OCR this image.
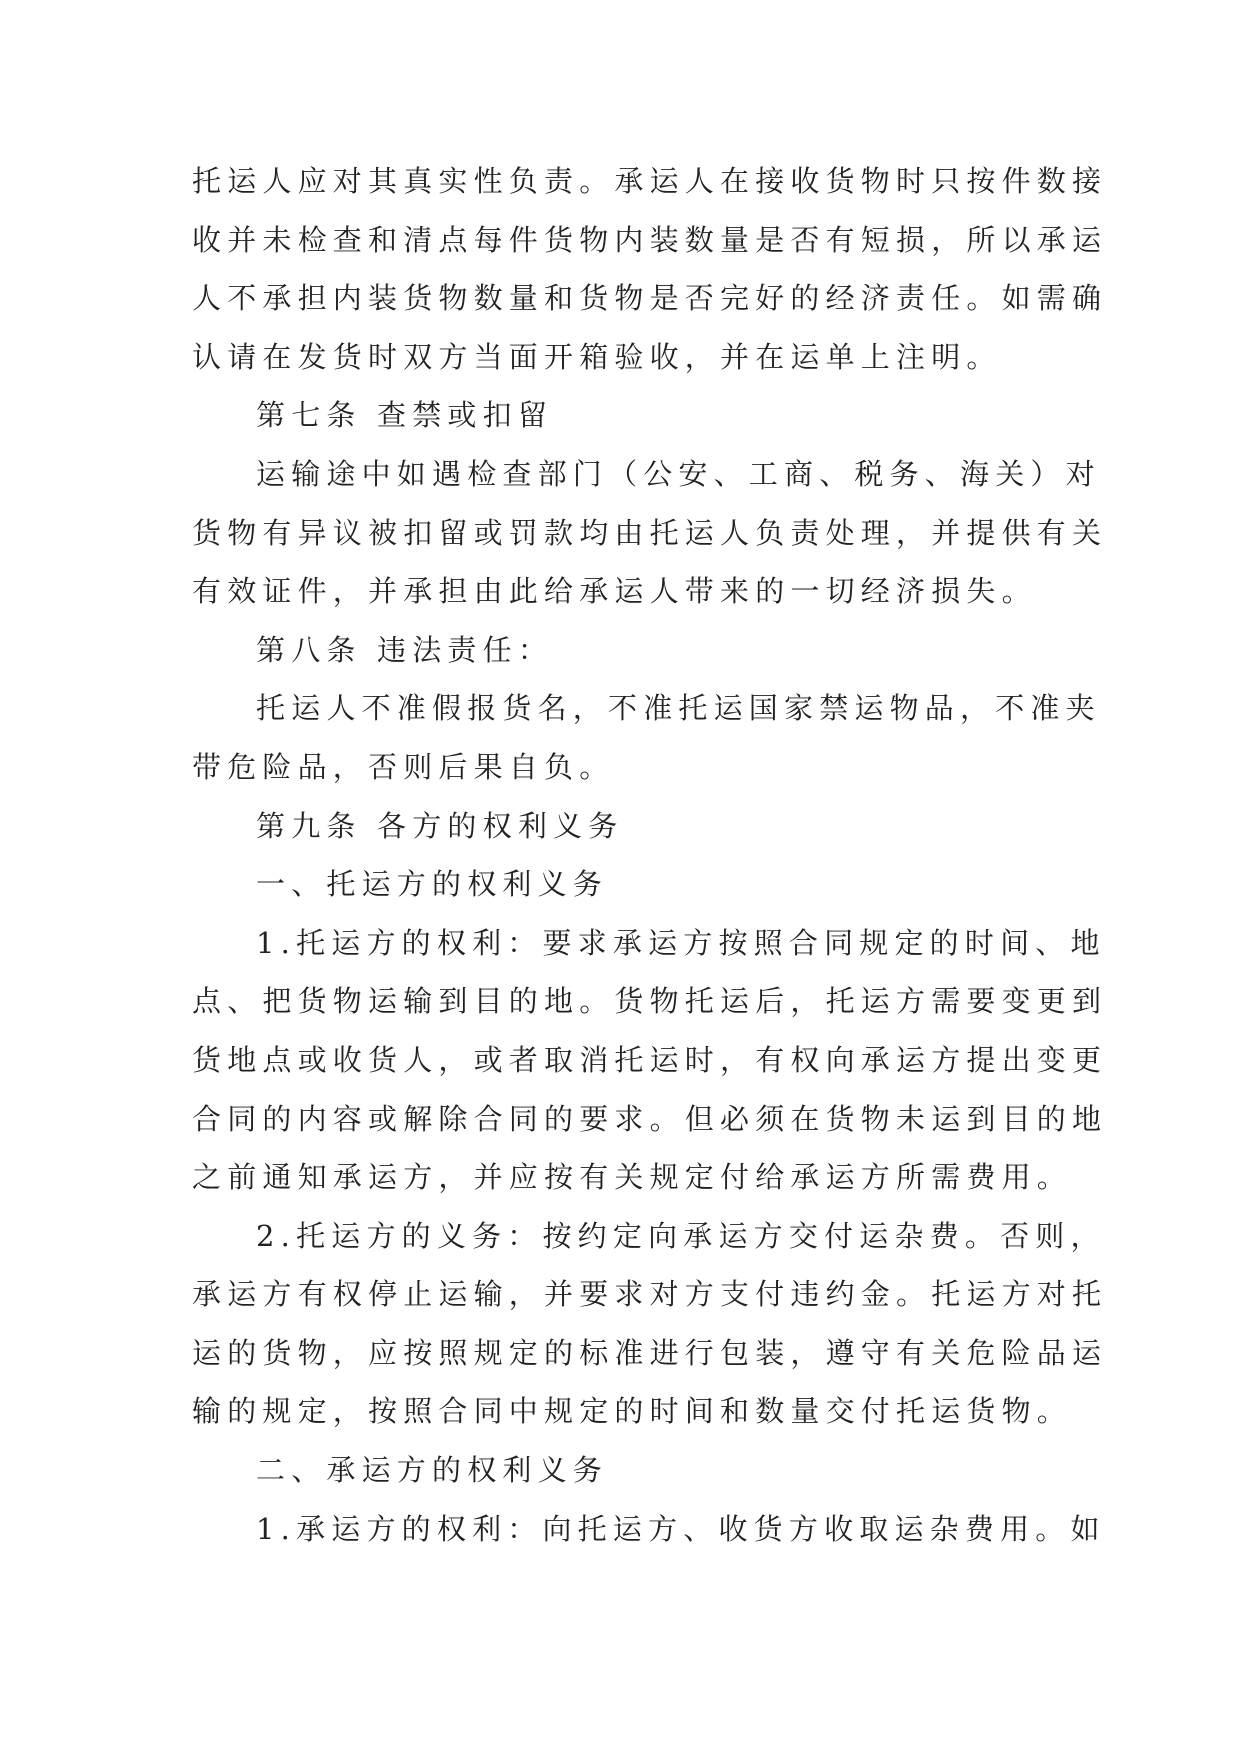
托运人应对其真实性负责。承运人在接收货物时只按件数接
收并未检查和清点每件货物内装数量是否有短损，所以承运
人不承担内装货物数量和货物是否完好的经济责任。如需确
认请在发货时双方当面开箱验收，并在运单上注明。
第七条 查禁或扣留
运输途中如遇检查部门（公安、工商、税务、海关）对
货物有异议被扣留或罚款均由托运人负责处理，并提供有关
有效证件，并承担由此给承运人带来的一切经济损失。
第八条 违法责任：
托运人不准假报货名，不准托运国家禁运物品，不准夹
带危险品，否则后果自负。
第九条 各方的权利义务
一、托运方的权利义务
1.托运方的权利：要求承运方按照合同规定的时间、地
点、把货物运输到目的地。货物托运后，托运方需要变更到
货地点或收货人，或者取消托运时，有权向承运方提出变更
合同的内容或解除合同的要求。但必须在货物未运到目的地
之前通知承运方，并应按有关规定付给承运方所需费用。
2.托运方的义务：按约定向承运方交付运杂费。否则，
承运方有权停止运输，并要求对方支付违约金。托运方对托
运的货物，应按照规定的标准进行包装，遵守有关危险品运
输的规定，按照合同中规定的时间和数量交付托运货物。
二、承运方的权利义务
1.承运方的权利：向托运方、收货方收取运杂费用。如
